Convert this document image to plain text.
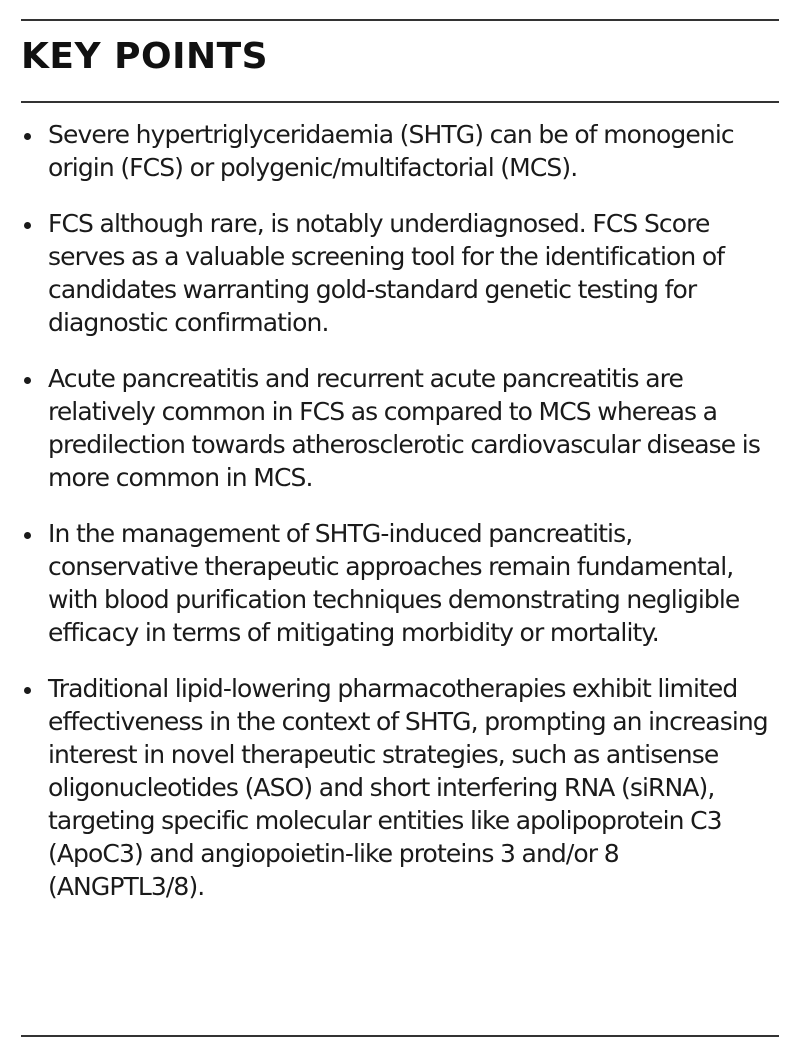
KEY POINTS
Severe hypertriglyceridaemia (SHTG) can be of monogenic origin (FCS) or polygenic/multifactorial (MCS).
FCS although rare, is notably underdiagnosed. FCS Score serves as a valuable screening tool for the identification of candidates warranting gold-standard genetic testing for diagnostic confirmation.
Acute pancreatitis and recurrent acute pancreatitis are relatively common in FCS as compared to MCS whereas a predilection towards atherosclerotic cardiovascular disease is more common in MCS.
In the management of SHTG-induced pancreatitis, conservative therapeutic approaches remain fundamental, with blood purification techniques demonstrating negligible efficacy in terms of mitigating morbidity or mortality.
Traditional lipid-lowering pharmacotherapies exhibit limited effectiveness in the context of SHTG, prompting an increasing interest in novel therapeutic strategies, such as antisense oligonucleotides (ASO) and short interfering RNA (siRNA), targeting specific molecular entities like apolipoprotein C3 (ApoC3) and angiopoietin-like proteins 3 and/or 8 (ANGPTL3/8).
